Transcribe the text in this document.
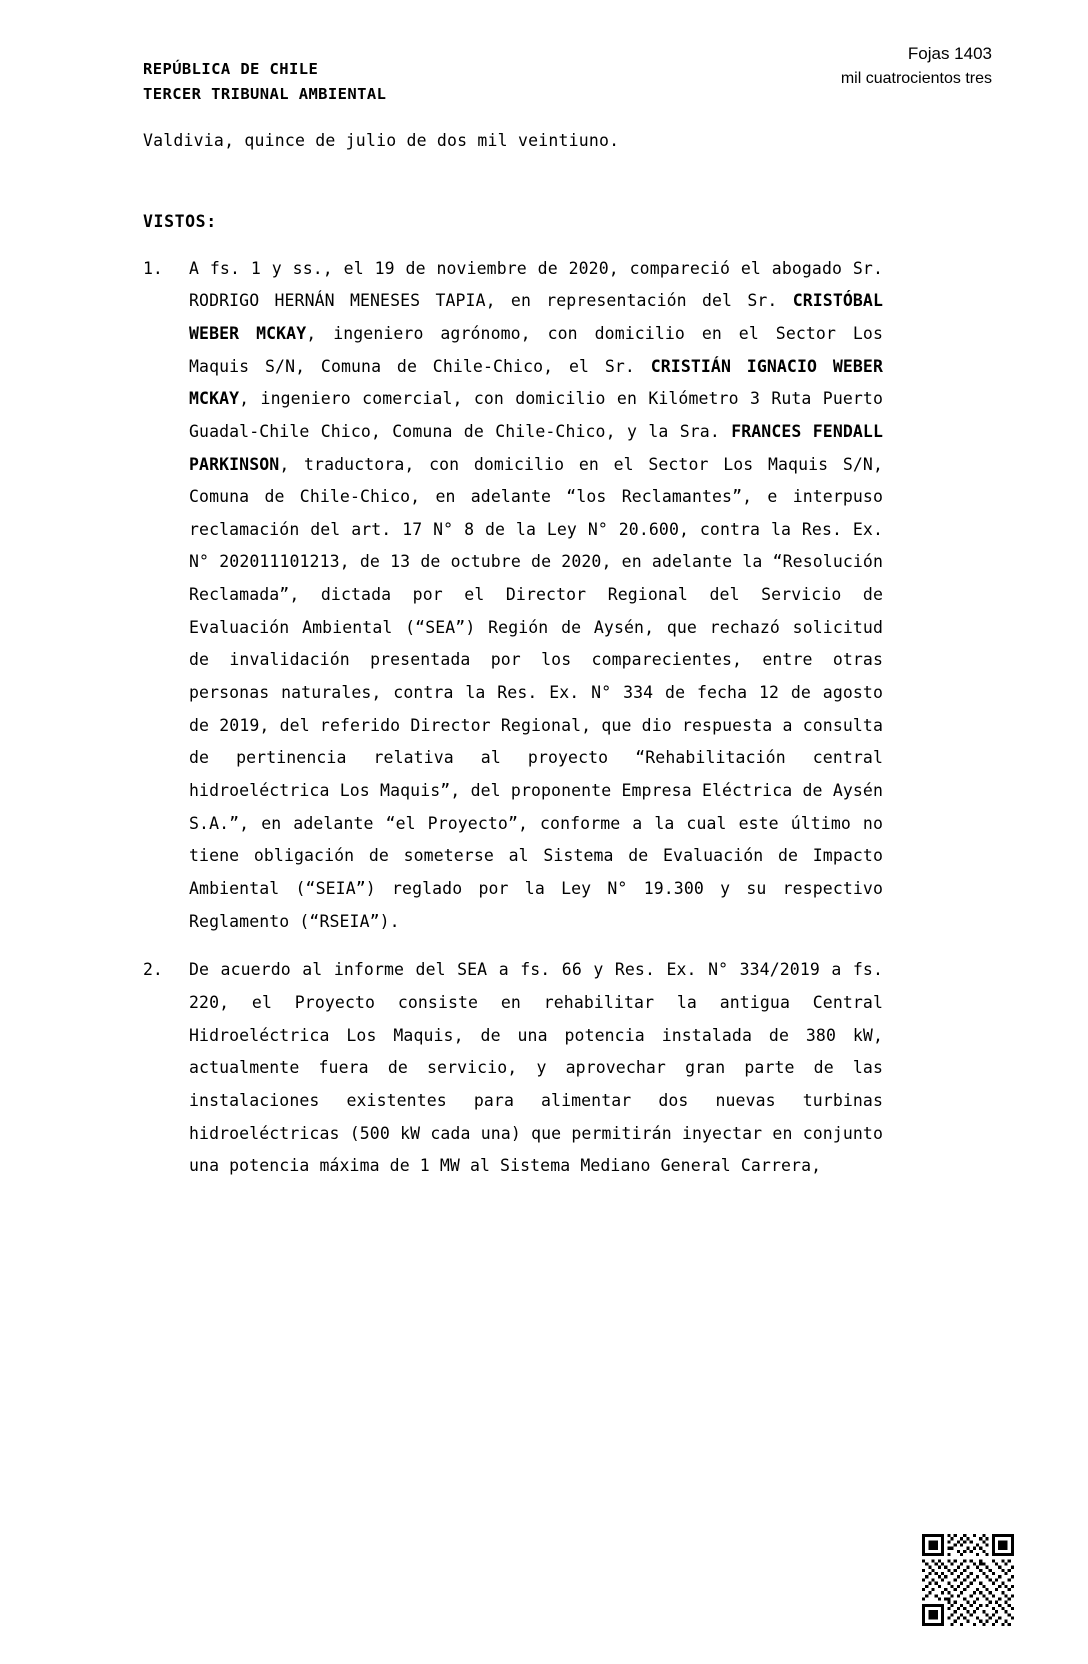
Fojas 1403
mil cuatrocientos tres
REPÚBLICA DE CHILE
TERCER TRIBUNAL AMBIENTAL

Valdivia, quince de julio de dos mil veintiuno.

VISTOS:

1.	A fs. 1 y ss., el 19 de noviembre de 2020, compareció el abogado Sr. RODRIGO HERNÁN MENESES TAPIA, en representación del Sr. CRISTÓBAL WEBER MCKAY, ingeniero agrónomo, con domicilio en el Sector Los Maquis S/N, Comuna de Chile-Chico, el Sr. CRISTIÁN IGNACIO WEBER MCKAY, ingeniero comercial, con domicilio en Kilómetro 3 Ruta Puerto Guadal-Chile Chico, Comuna de Chile-Chico, y la Sra. FRANCES FENDALL PARKINSON, traductora, con domicilio en el Sector Los Maquis S/N, Comuna de Chile-Chico, en adelante “los Reclamantes”, e interpuso reclamación del art. 17 N° 8 de la Ley N° 20.600, contra la Res. Ex. N° 202011101213, de 13 de octubre de 2020, en adelante la “Resolución Reclamada”, dictada por el Director Regional del Servicio de Evaluación Ambiental (“SEA”) Región de Aysén, que rechazó solicitud de invalidación presentada por los comparecientes, entre otras personas naturales, contra la Res. Ex. N° 334 de fecha 12 de agosto de 2019, del referido Director Regional, que dio respuesta a consulta de pertinencia relativa al proyecto “Rehabilitación central hidroeléctrica Los Maquis”, del proponente Empresa Eléctrica de Aysén S.A.”, en adelante “el Proyecto”, conforme a la cual este último no tiene obligación de someterse al Sistema de Evaluación de Impacto Ambiental (“SEIA”) reglado por la Ley N° 19.300 y su respectivo Reglamento (“RSEIA”).
2.	De acuerdo al informe del SEA a fs. 66 y Res. Ex. N° 334/2019 a fs. 220, el Proyecto consiste en rehabilitar la antigua Central Hidroeléctrica Los Maquis, de una potencia instalada de 380 kW, actualmente fuera de servicio, y aprovechar gran parte de las instalaciones existentes para alimentar dos nuevas turbinas hidroeléctricas (500 kW cada una) que permitirán inyectar en conjunto una potencia máxima de 1 MW al Sistema Mediano General Carrera,
